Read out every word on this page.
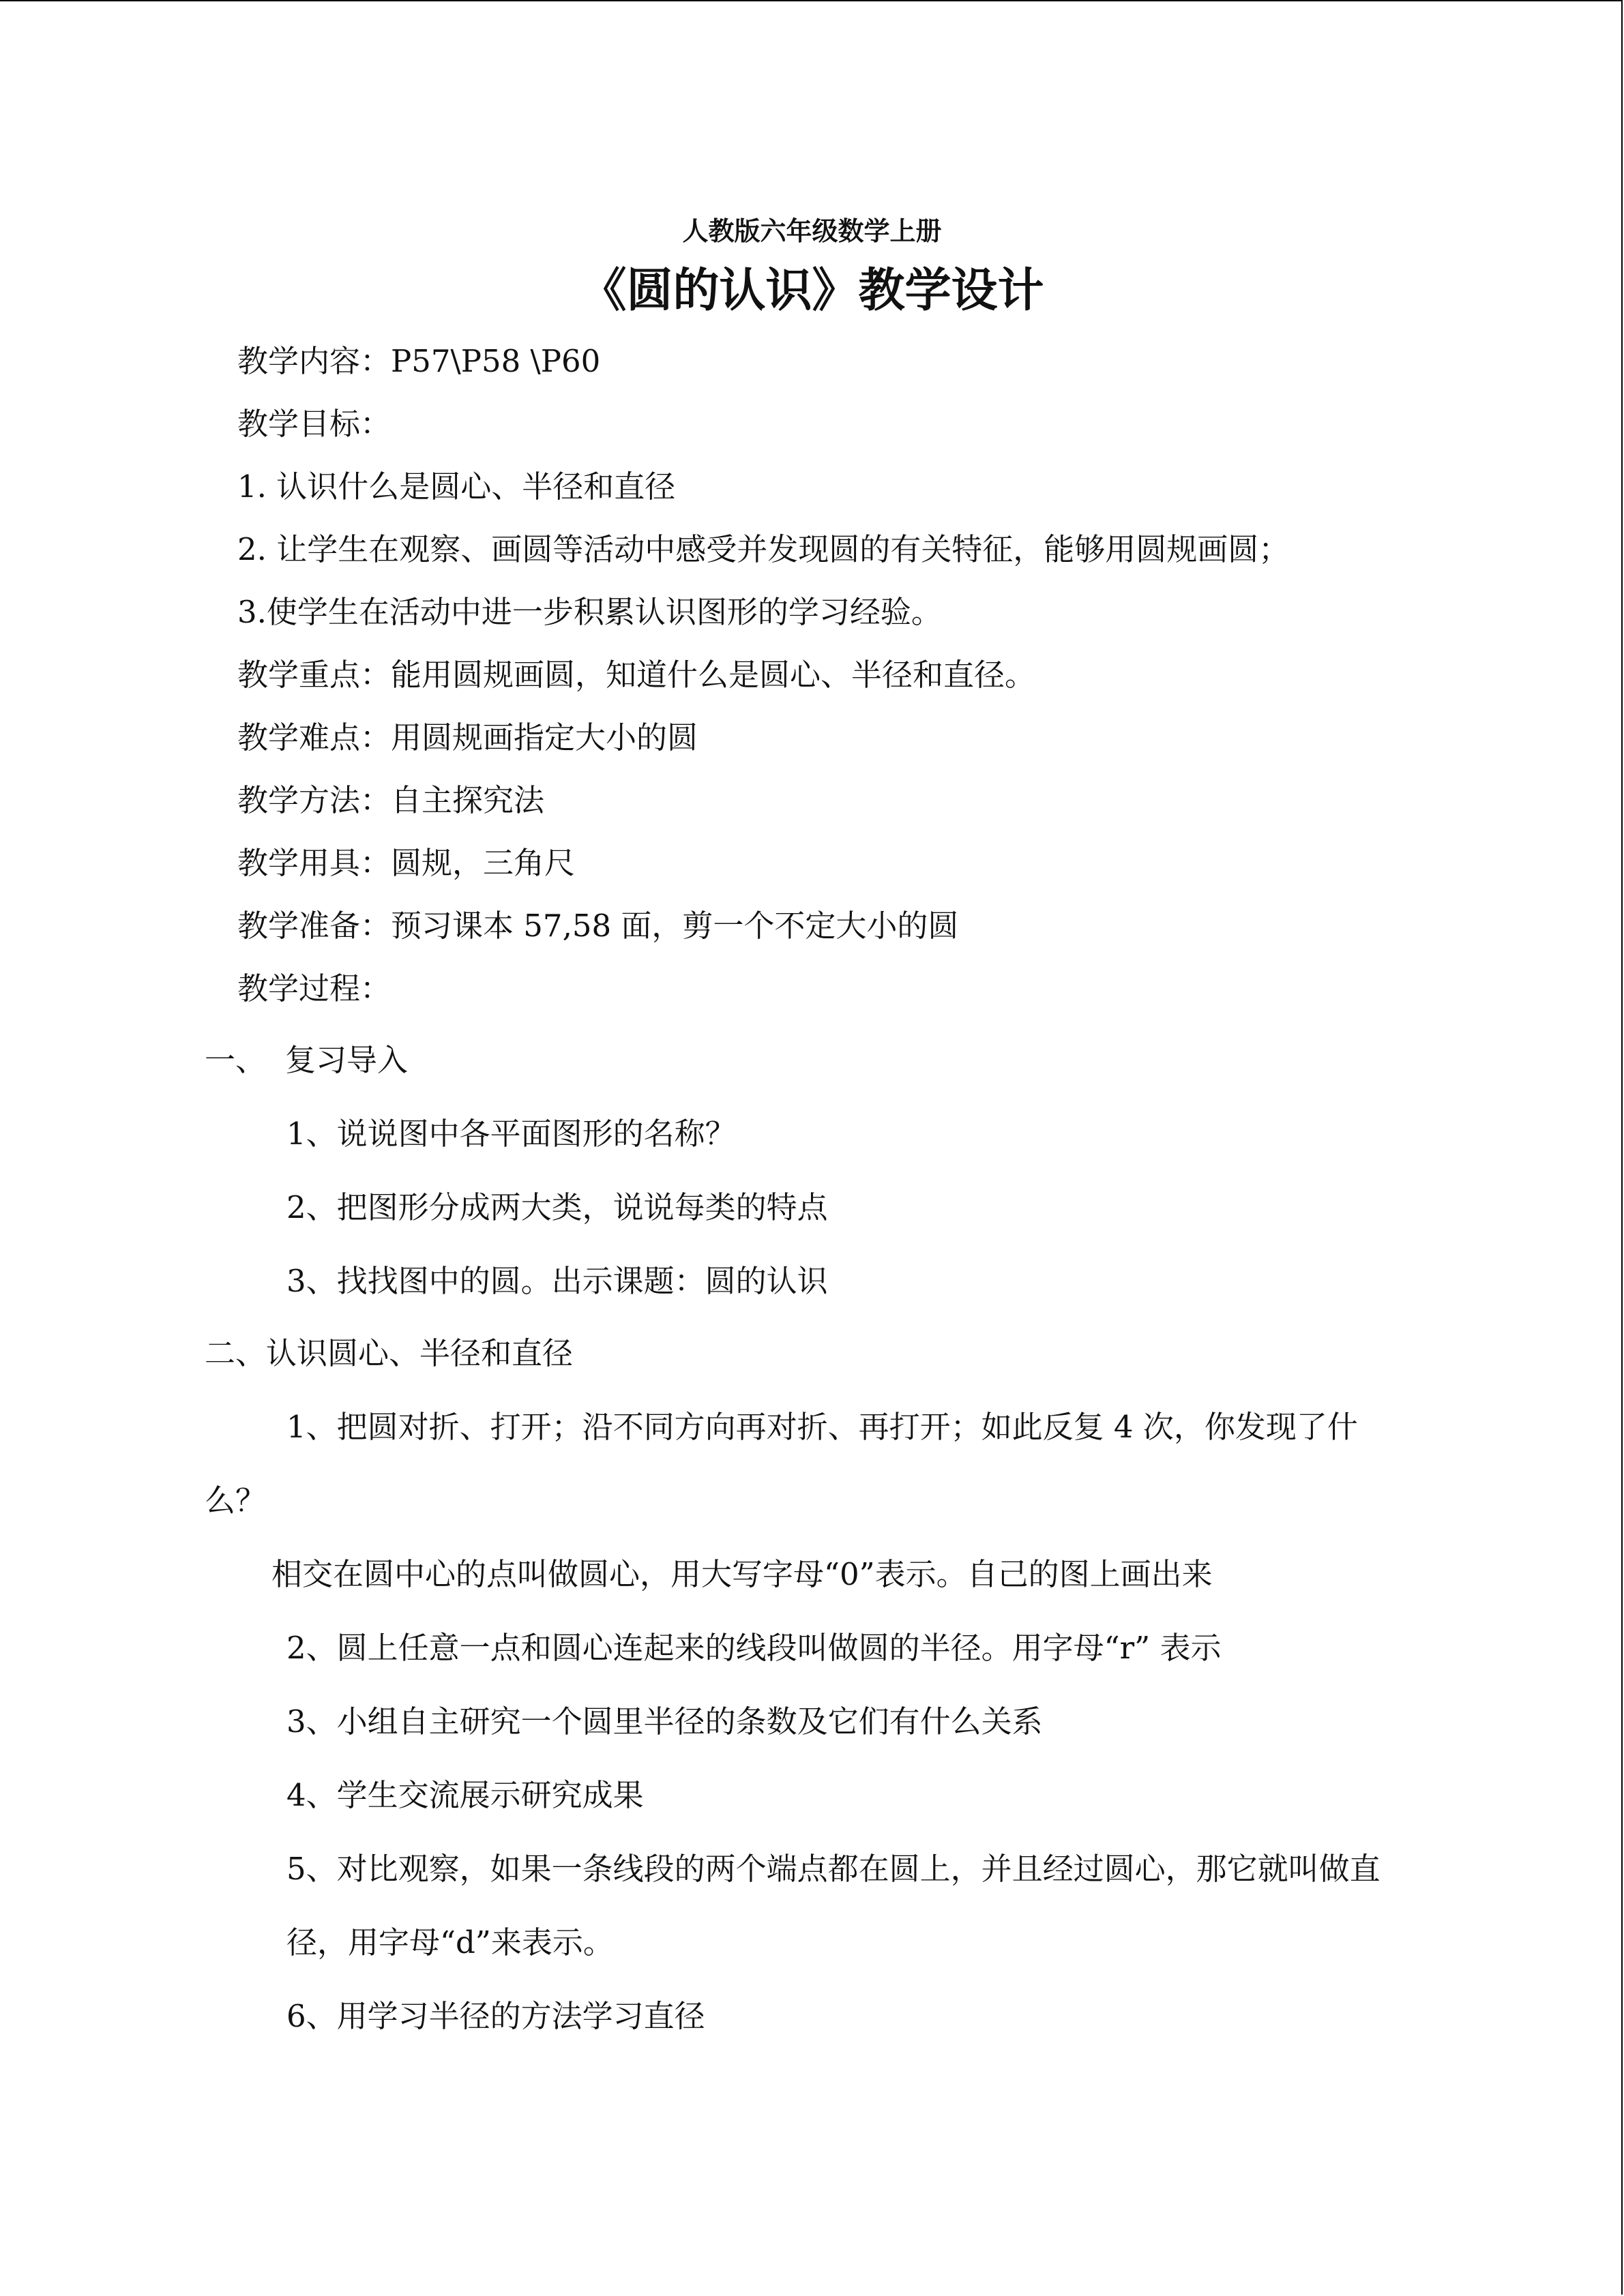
人教版六年级数学上册
《圆的认识》教学设计
教学内容：P57\P58 \P60
教学目标：
1. 认识什么是圆心、半径和直径
2. 让学生在观察、画圆等活动中感受并发现圆的有关特征，能够用圆规画圆；
3.使学生在活动中进一步积累认识图形的学习经验。
教学重点：能用圆规画圆，知道什么是圆心、半径和直径。
教学难点：用圆规画指定大小的圆
教学方法：自主探究法
教学用具：圆规，三角尺
教学准备：预习课本 57,58 面，剪一个不定大小的圆
教学过程：
一、 复习导入
1、说说图中各平面图形的名称？
2、把图形分成两大类，说说每类的特点
3、找找图中的圆。出示课题：圆的认识
二、认识圆心、半径和直径
1、把圆对折、打开；沿不同方向再对折、再打开；如此反复 4 次，你发现了什
么？
相交在圆中心的点叫做圆心，用大写字母“0”表示。自己的图上画出来
2、圆上任意一点和圆心连起来的线段叫做圆的半径。用字母“r” 表示
3、小组自主研究一个圆里半径的条数及它们有什么关系
4、学生交流展示研究成果
5、对比观察，如果一条线段的两个端点都在圆上，并且经过圆心，那它就叫做直
径，用字母“d”来表示。
6、用学习半径的方法学习直径
